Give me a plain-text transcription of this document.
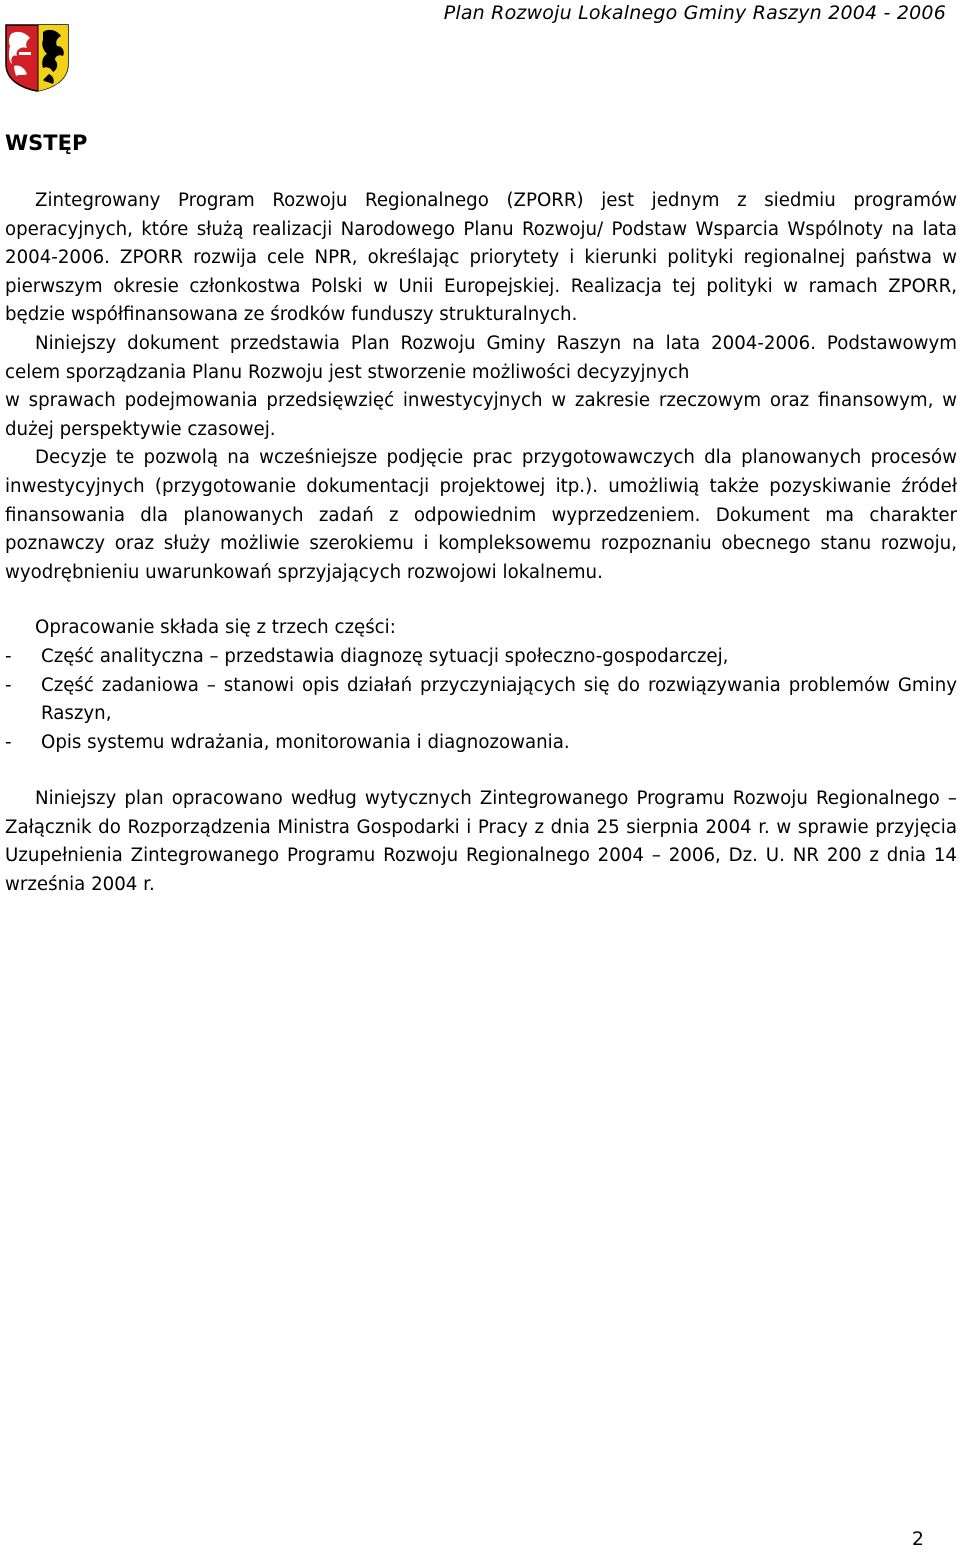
Plan Rozwoju Lokalnego Gminy Raszyn 2004 - 2006
WSTĘP

Zintegrowany Program Rozwoju Regionalnego (ZPORR) jest jednym z siedmiu programów operacyjnych, które służą realizacji Narodowego Planu Rozwoju/ Podstaw Wsparcia Wspólnoty na lata 2004-2006. ZPORR rozwija cele NPR, określając priorytety i kierunki polityki regionalnej państwa w pierwszym okresie członkostwa Polski w Unii Europejskiej. Realizacja tej polityki w ramach ZPORR, będzie współfinansowana ze środków funduszy strukturalnych.

Niniejszy dokument przedstawia Plan Rozwoju Gminy Raszyn na lata 2004-2006. Podstawowym celem sporządzania Planu Rozwoju jest stworzenie możliwości decyzyjnych

w sprawach podejmowania przedsięwzięć inwestycyjnych w zakresie rzeczowym oraz finansowym, w dużej perspektywie czasowej.

Decyzje te pozwolą na wcześniejsze podjęcie prac przygotowawczych dla planowanych procesów inwestycyjnych (przygotowanie dokumentacji projektowej itp.). umożliwią także pozyskiwanie źródeł finansowania dla planowanych zadań z odpowiednim wyprzedzeniem. Dokument ma charakter poznawczy oraz służy możliwie szerokiemu i kompleksowemu rozpoznaniu obecnego stanu rozwoju, wyodrębnieniu uwarunkowań sprzyjających rozwojowi lokalnemu.

Opracowanie składa się z trzech części:

- Część analityczna – przedstawia diagnozę sytuacji społeczno-gospodarczej,
- Część zadaniowa – stanowi opis działań przyczyniających się do rozwiązywania problemów Gminy Raszyn,
- Opis systemu wdrażania, monitorowania i diagnozowania.

Niniejszy plan opracowano według wytycznych Zintegrowanego Programu Rozwoju Regionalnego – Załącznik do Rozporządzenia Ministra Gospodarki i Pracy z dnia 25 sierpnia 2004 r. w sprawie przyjęcia Uzupełnienia Zintegrowanego Programu Rozwoju Regionalnego 2004 – 2006, Dz. U. NR 200 z dnia 14 września 2004 r.

2
